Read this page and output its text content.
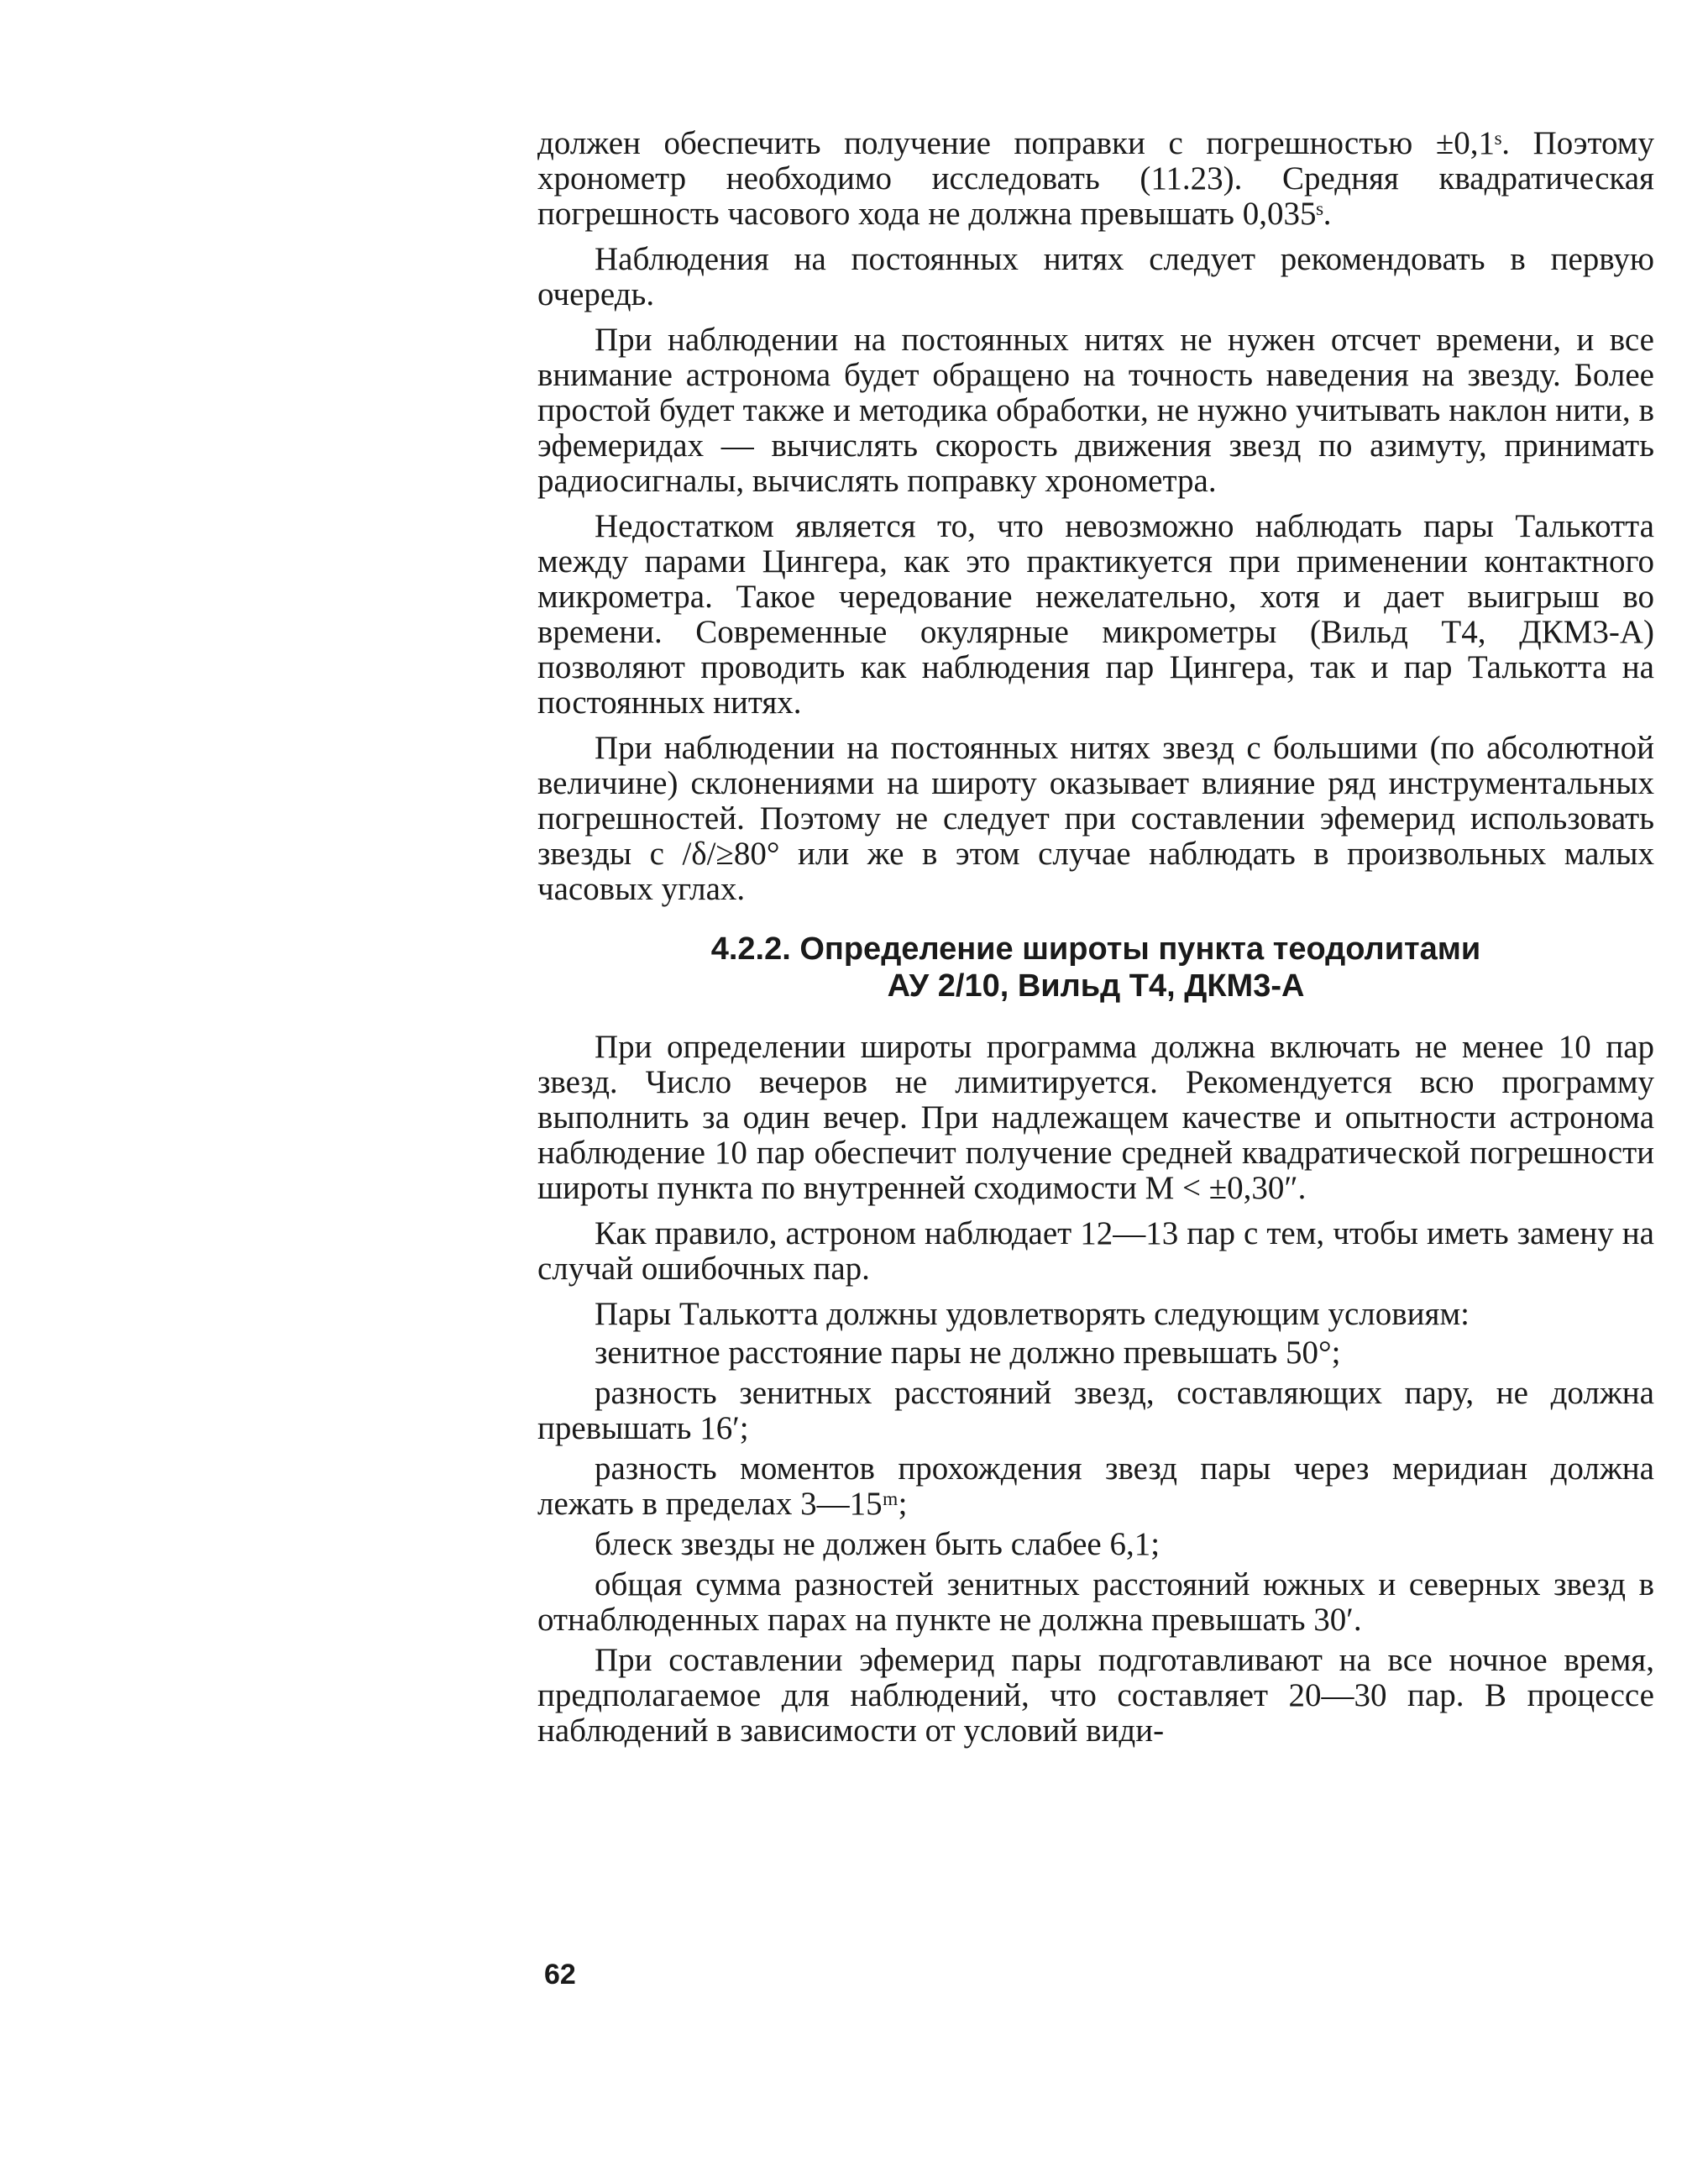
должен обеспечить получение поправки с погрешностью ±0,1ˢ. Поэтому хронометр необходимо исследовать (11.23). Средняя квадратическая погрешность часового хода не должна превышать 0,035ˢ.

Наблюдения на постоянных нитях следует рекомендовать в первую очередь.

При наблюдении на постоянных нитях не нужен отсчет времени, и все внимание астронома будет обращено на точность наведения на звезду. Более простой будет также и методика обработки, не нужно учитывать наклон нити, в эфемеридах — вычислять скорость движения звезд по азимуту, принимать радиосигналы, вычислять поправку хронометра.

Недостатком является то, что невозможно наблюдать пары Талькотта между парами Цингера, как это практикуется при применении контактного микрометра. Такое чередование нежелательно, хотя и дает выигрыш во времени. Современные окулярные микрометры (Вильд Т4, ДКМ3-А) позволяют проводить как наблюдения пар Цингера, так и пар Талькотта на постоянных нитях.

При наблюдении на постоянных нитях звезд с большими (по абсолютной величине) склонениями на широту оказывает влияние ряд инструментальных погрешностей. Поэтому не следует при составлении эфемерид использовать звезды с /δ/≥80° или же в этом случае наблюдать в произвольных малых часовых углах.

4.2.2. Определение широты пункта теодолитами
АУ 2/10, Вильд Т4, ДКМ3-А

При определении широты программа должна включать не менее 10 пар звезд. Число вечеров не лимитируется. Рекомендуется всю программу выполнить за один вечер. При надлежащем качестве и опытности астронома наблюдение 10 пар обеспечит получение средней квадратической погрешности широты пункта по внутренней сходимости M < ±0,30″.

Как правило, астроном наблюдает 12—13 пар с тем, чтобы иметь замену на случай ошибочных пар.

Пары Талькотта должны удовлетворять следующим условиям:

зенитное расстояние пары не должно превышать 50°;

разность зенитных расстояний звезд, составляющих пару, не должна превышать 16′;

разность моментов прохождения звезд пары через меридиан должна лежать в пределах 3—15ᵐ;

блеск звезды не должен быть слабее 6,1;

общая сумма разностей зенитных расстояний южных и северных звезд в отнаблюденных парах на пункте не должна превышать 30′.

При составлении эфемерид пары подготавливают на все ночное время, предполагаемое для наблюдений, что составляет 20—30 пар. В процессе наблюдений в зависимости от условий види-

62
